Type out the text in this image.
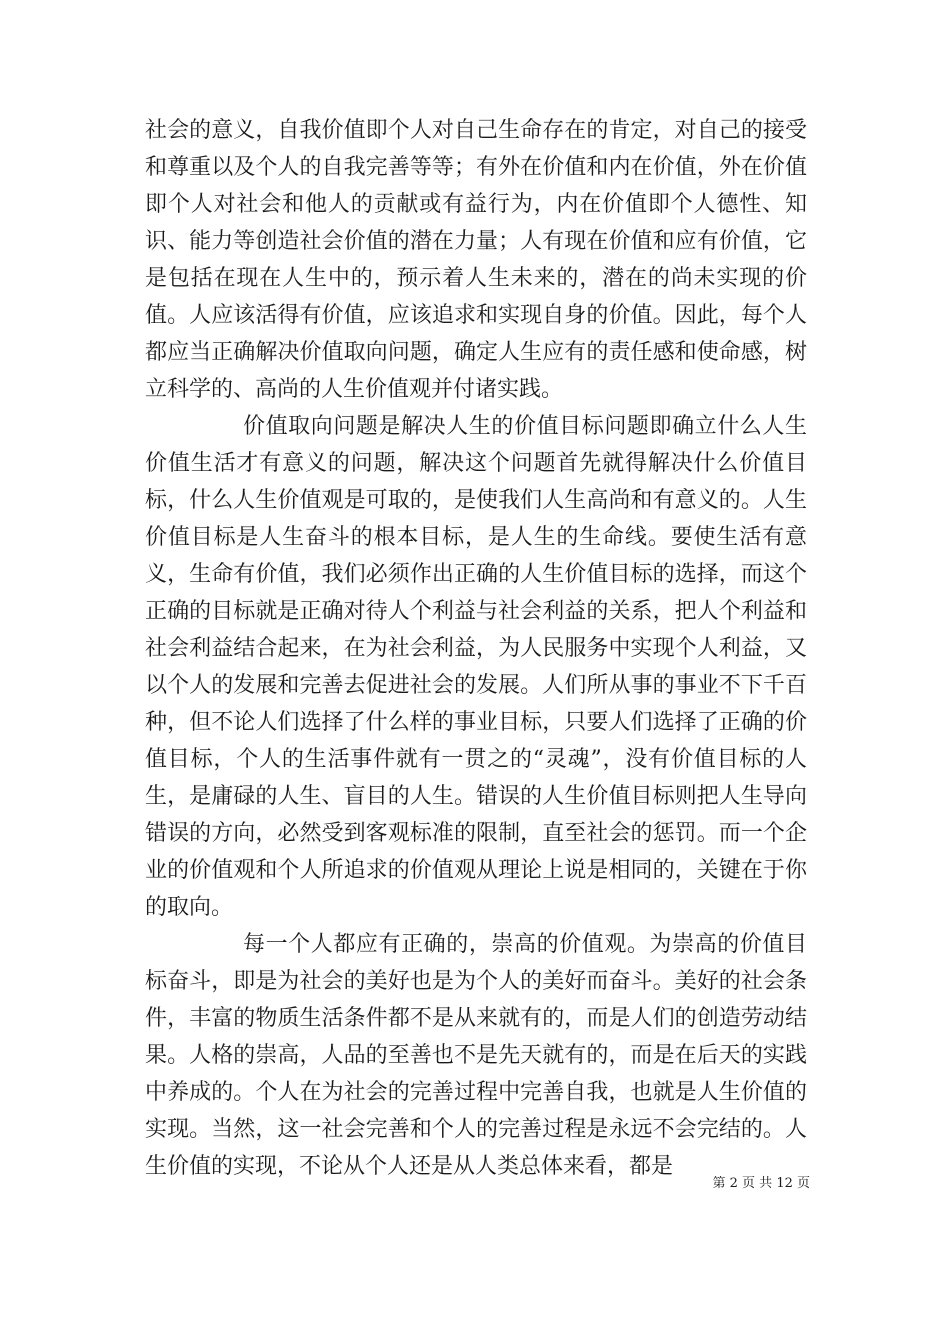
社会的意义，自我价值即个人对自己生命存在的肯定，对自己的接受和尊重以及个人的自我完善等等；有外在价值和内在价值，外在价值即个人对社会和他人的贡献或有益行为，内在价值即个人德性、知识、能力等创造社会价值的潜在力量；人有现在价值和应有价值，它是包括在现在人生中的，预示着人生未来的，潜在的尚未实现的价值。人应该活得有价值，应该追求和实现自身的价值。因此，每个人都应当正确解决价值取向问题，确定人生应有的责任感和使命感，树立科学的、高尚的人生价值观并付诸实践。

价值取向问题是解决人生的价值目标问题即确立什么人生价值生活才有意义的问题，解决这个问题首先就得解决什么价值目标，什么人生价值观是可取的，是使我们人生高尚和有意义的。人生价值目标是人生奋斗的根本目标，是人生的生命线。要使生活有意义，生命有价值，我们必须作出正确的人生价值目标的选择，而这个正确的目标就是正确对待人个利益与社会利益的关系，把人个利益和社会利益结合起来，在为社会利益，为人民服务中实现个人利益，又以个人的发展和完善去促进社会的发展。人们所从事的事业不下千百种，但不论人们选择了什么样的事业目标，只要人们选择了正确的价值目标，个人的生活事件就有一贯之的“灵魂”，没有价值目标的人生，是庸碌的人生、盲目的人生。错误的人生价值目标则把人生导向错误的方向，必然受到客观标准的限制，直至社会的惩罚。而一个企业的价值观和个人所追求的价值观从理论上说是相同的，关键在于你的取向。

每一个人都应有正确的，崇高的价值观。为崇高的价值目标奋斗，即是为社会的美好也是为个人的美好而奋斗。美好的社会条件，丰富的物质生活条件都不是从来就有的，而是人们的创造劳动结果。人格的崇高，人品的至善也不是先天就有的，而是在后天的实践中养成的。个人在为社会的完善过程中完善自我，也就是人生价值的实现。当然，这一社会完善和个人的完善过程是永远不会完结的。人生价值的实现，不论从个人还是从人类总体来看，都是

第 2 页 共 12 页
